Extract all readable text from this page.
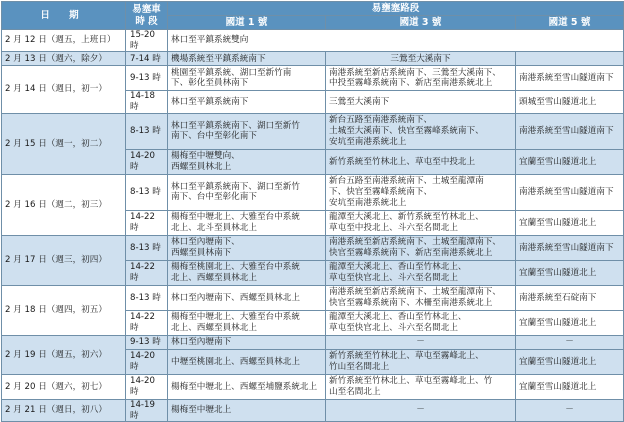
日 期	易塞車時 段	易壅塞路段		
		國道 1 號	國道 3 號	國道 5 號
2 月 12 日（週五，上班日）	15-20 時	林口至平鎮系統雙向		

2 月 13 日（週六，除夕）	7-14 時	機場系統至平鎮系統南下	三鶯至大溪南下	

2 月 14 日（週日，初一）	9-13 時	桃園至平鎮系統、湖口至新竹南
下、彰化至員林南下	南港系統至新店系統南下、三鶯至大溪南下、
中投至霧峰系統南下、新店至南港系統北上	南港系統至雪山隧道南下

	14-18 時	林口至平鎮系統南下	三鶯至大溪南下	頭城至雪山隧道北上

2 月 15 日（週一，初二）	8-13 時	林口至平鎮系統南下、湖口至新竹
南下、台中至彰化南下	新台五路至南港系統南下、
土城至大溪南下、快官至霧峰系統南下、
安坑至南港系統北上	南港系統至雪山隧道南下

	14-20 時	楊梅至中壢雙向、
西螺至員林北上	新竹系統至竹林北上、草屯至中投北上	宜蘭至雪山隧道北上

2 月 16 日（週二，初三）	8-13 時	林口至平鎮系統南下、湖口至新竹
南下、台中至彰化南下	新台五路至南港系統南下、土城至龍潭南
下、快官至霧峰系統南下、
安坑至南港系統北上	南港系統至雪山隧道南下

	14-22 時	楊梅至中壢北上、大雅至台中系統
北上、北斗至員林北上	龍潭至大溪北上、新竹系統至竹林北上、
草屯至中投北上、斗六至名間北上	宜蘭至雪山隧道北上

2 月 17 日（週三，初四）	8-13 時	林口至內壢南下、
西螺至員林南下	南港系統至新店系統南下、土城至龍潭南下、
快官至霧峰系統南下、新店至南港系統北上	南港系統至雪山隧道南下

	14-22 時	楊梅至桃園北上、大雅至台中系統
北上、西螺至員林北上	龍潭至大溪北上、香山至竹林北上、
草屯至快官北上、斗六至名間北上	宜蘭至雪山隧道北上

2 月 18 日（週四，初五）	8-13 時	林口至內壢南下、西螺至員林北上	南港系統至新店系統南下、土城至龍潭南下、
快官至霧峰系統南下、木柵至南港系統北上	南港系統至石碇南下

	14-22 時	楊梅至中壢北上、大雅至台中系統
北上、西螺至員林北上	龍潭至大溪北上、香山至竹林北上、
草屯至快官北上、斗六至名間北上	宜蘭至雪山隧道北上

2 月 19 日（週五，初六）	9-13 時	林口至內壢南下	－	－

	14-20 時	中壢至桃園北上、西螺至員林北上	新竹系統至竹林北上、草屯至霧峰北上、
竹山至名間北上	宜蘭至雪山隧道北上

2 月 20 日（週六，初七）	14-20 時	楊梅至中壢北上、西螺至埔鹽系統北上	新竹系統至竹林北上、草屯至霧峰北上、竹
山至名間北上	宜蘭至雪山隧道北上

2 月 21 日（週日，初八）	14-19 時	楊梅至中壢北上	－	－
